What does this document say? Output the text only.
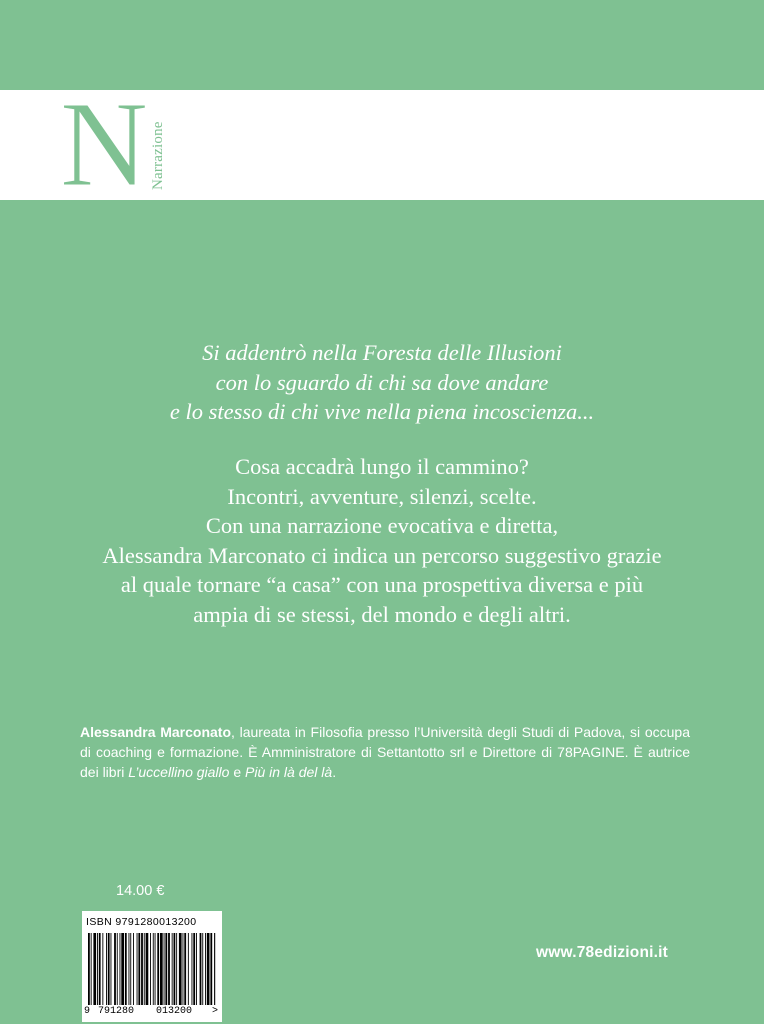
N Narrazione
Si addentrò nella Foresta delle Illusioni
con lo sguardo di chi sa dove andare
e lo stesso di chi vive nella piena incoscienza...
Cosa accadrà lungo il cammino?
Incontri, avventure, silenzi, scelte.
Con una narrazione evocativa e diretta,
Alessandra Marconato ci indica un percorso suggestivo grazie
al quale tornare “a casa” con una prospettiva diversa e più
ampia di se stessi, del mondo e degli altri.
Alessandra Marconato, laureata in Filosofia presso l’Università degli Studi di Padova, si occupa di coaching e formazione. È Amministratore di Settantotto srl e Direttore di 78PAGINE. È autrice dei libri L’uccellino giallo e Più in là del là.
14.00 €
ISBN 9791280013200
9 791280 013200 >
www.78edizioni.it
